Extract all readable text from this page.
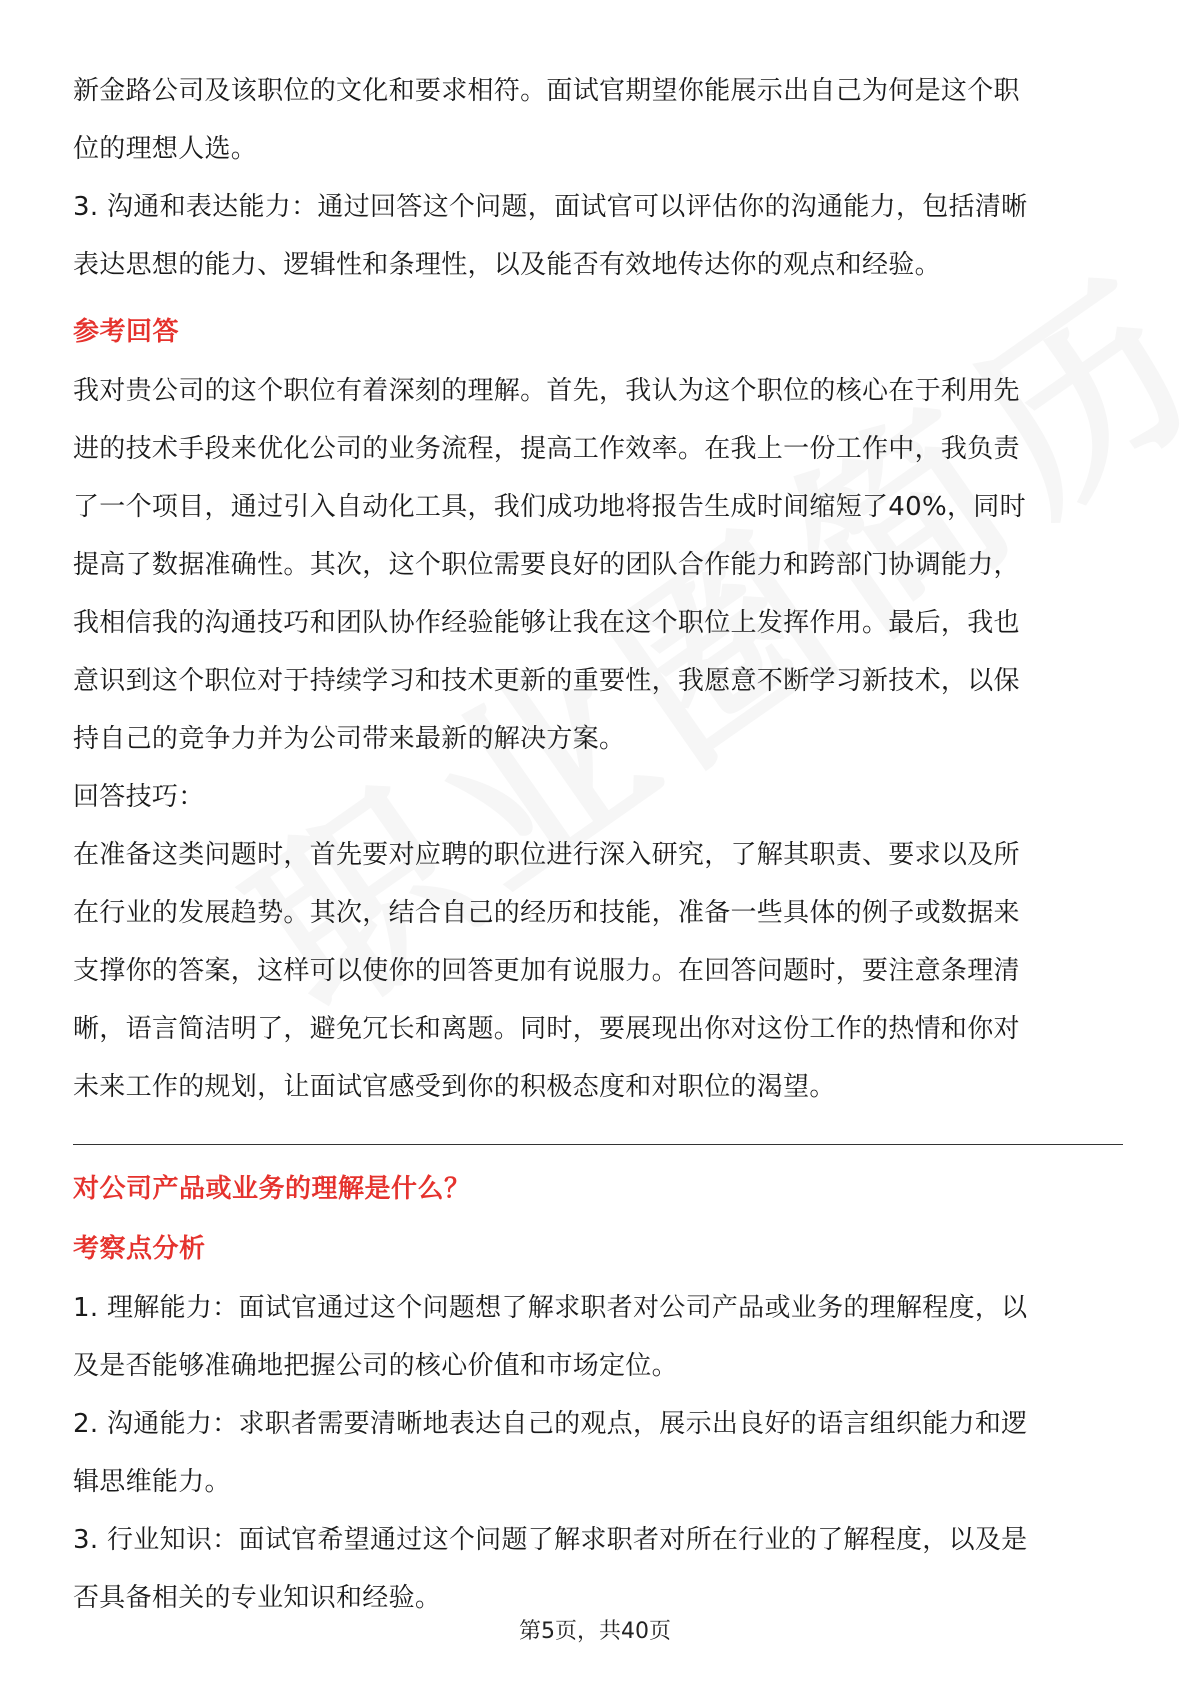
新金路公司及该职位的文化和要求相符。面试官期望你能展示出自己为何是这个职
位的理想人选。
3. 沟通和表达能力：通过回答这个问题，面试官可以评估你的沟通能力，包括清晰
表达思想的能力、逻辑性和条理性，以及能否有效地传达你的观点和经验。
参考回答
我对贵公司的这个职位有着深刻的理解。首先，我认为这个职位的核心在于利用先
进的技术手段来优化公司的业务流程，提高工作效率。在我上一份工作中，我负责
了一个项目，通过引入自动化工具，我们成功地将报告生成时间缩短了40%，同时
提高了数据准确性。其次，这个职位需要良好的团队合作能力和跨部门协调能力，
我相信我的沟通技巧和团队协作经验能够让我在这个职位上发挥作用。最后，我也
意识到这个职位对于持续学习和技术更新的重要性，我愿意不断学习新技术，以保
持自己的竞争力并为公司带来最新的解决方案。
回答技巧：
在准备这类问题时，首先要对应聘的职位进行深入研究，了解其职责、要求以及所
在行业的发展趋势。其次，结合自己的经历和技能，准备一些具体的例子或数据来
支撑你的答案，这样可以使你的回答更加有说服力。在回答问题时，要注意条理清
晰，语言简洁明了，避免冗长和离题。同时，要展现出你对这份工作的热情和你对
未来工作的规划，让面试官感受到你的积极态度和对职位的渴望。
对公司产品或业务的理解是什么？
考察点分析
1. 理解能力：面试官通过这个问题想了解求职者对公司产品或业务的理解程度，以
及是否能够准确地把握公司的核心价值和市场定位。
2. 沟通能力：求职者需要清晰地表达自己的观点，展示出良好的语言组织能力和逻
辑思维能力。
3. 行业知识：面试官希望通过这个问题了解求职者对所在行业的了解程度，以及是
否具备相关的专业知识和经验。
第5页，共40页
